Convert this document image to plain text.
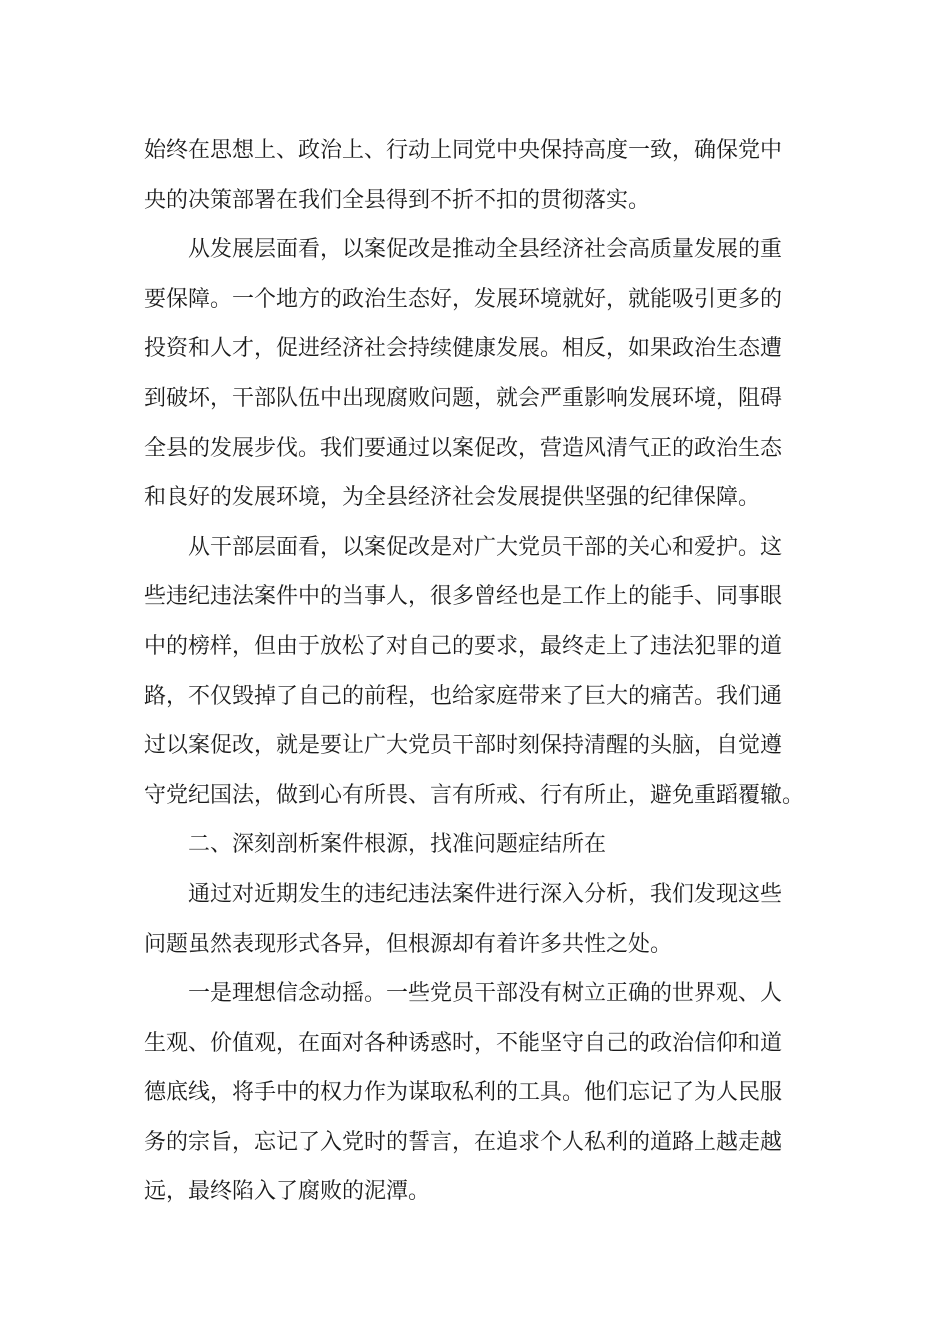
始终在思想上、政治上、行动上同党中央保持高度一致，确保党中
央的决策部署在我们全县得到不折不扣的贯彻落实。

从发展层面看，以案促改是推动全县经济社会高质量发展的重
要保障。一个地方的政治生态好，发展环境就好，就能吸引更多的
投资和人才，促进经济社会持续健康发展。相反，如果政治生态遭
到破坏，干部队伍中出现腐败问题，就会严重影响发展环境，阻碍
全县的发展步伐。我们要通过以案促改，营造风清气正的政治生态
和良好的发展环境，为全县经济社会发展提供坚强的纪律保障。

从干部层面看，以案促改是对广大党员干部的关心和爱护。这
些违纪违法案件中的当事人，很多曾经也是工作上的能手、同事眼
中的榜样，但由于放松了对自己的要求，最终走上了违法犯罪的道
路，不仅毁掉了自己的前程，也给家庭带来了巨大的痛苦。我们通
过以案促改，就是要让广大党员干部时刻保持清醒的头脑，自觉遵
守党纪国法，做到心有所畏、言有所戒、行有所止，避免重蹈覆辙。

二、深刻剖析案件根源，找准问题症结所在

通过对近期发生的违纪违法案件进行深入分析，我们发现这些
问题虽然表现形式各异，但根源却有着许多共性之处。

一是理想信念动摇。一些党员干部没有树立正确的世界观、人
生观、价值观，在面对各种诱惑时，不能坚守自己的政治信仰和道
德底线，将手中的权力作为谋取私利的工具。他们忘记了为人民服
务的宗旨，忘记了入党时的誓言，在追求个人私利的道路上越走越
远，最终陷入了腐败的泥潭。
